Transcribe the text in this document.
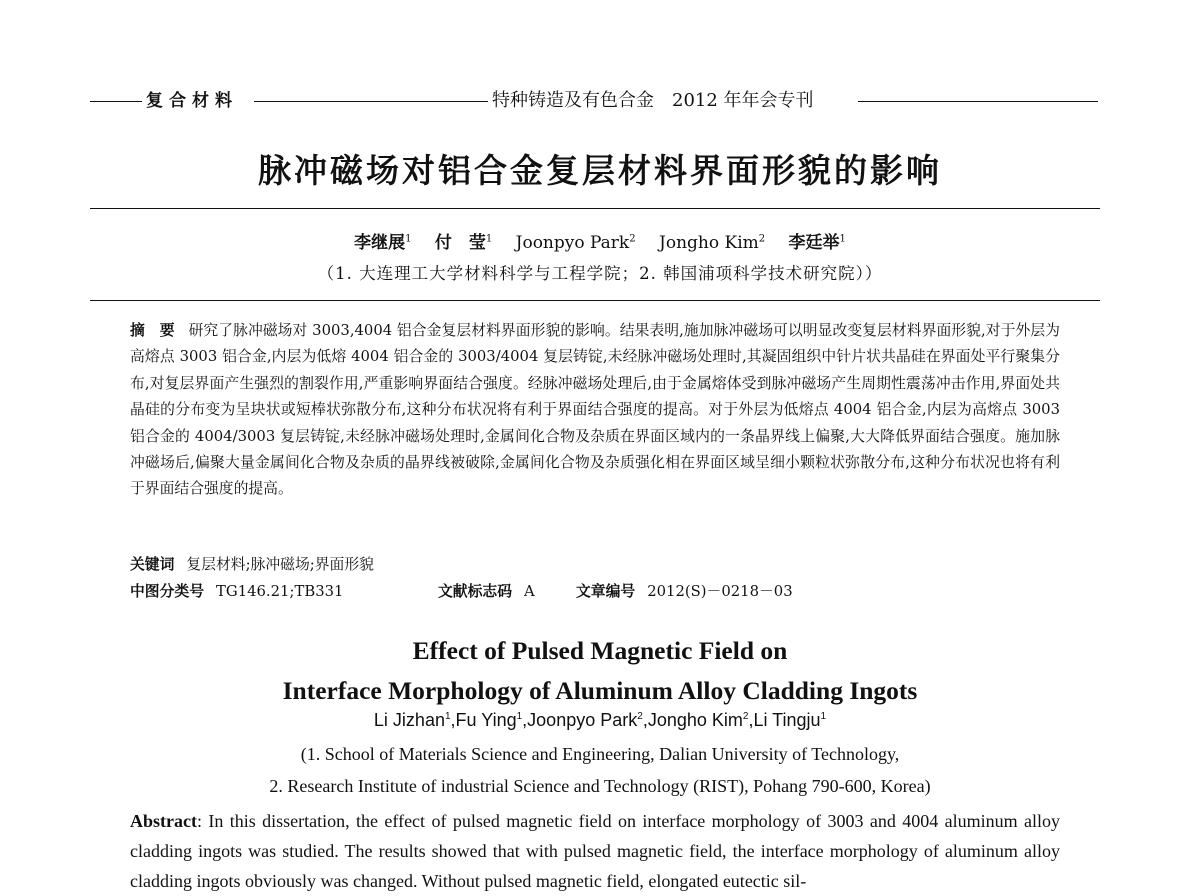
复合材料	特种铸造及有色合金　2012 年年会专刊
脉冲磁场对铝合金复层材料界面形貌的影响
李继展$^1$ 付　莹$^1$ Joonpyo Park$^2$ Jongho Kim$^2$ 李廷举$^1$
（1. 大连理工大学材料科学与工程学院；2. 韩国浦项科学技术研究院））
摘　要 研究了脉冲磁场对 3003,4004 铝合金复层材料界面形貌的影响。结果表明,施加脉冲磁场可以明显改变复层材料界面形貌,对于外层为高熔点 3003 铝合金,内层为低熔 4004 铝合金的 3003/4004 复层铸锭,未经脉冲磁场处理时,其凝固组织中针片状共晶硅在界面处平行聚集分布,对复层界面产生强烈的割裂作用,严重影响界面结合强度。经脉冲磁场处理后,由于金属熔体受到脉冲磁场产生周期性震荡冲击作用,界面处共晶硅的分布变为呈块状或短棒状弥散分布,这种分布状况将有利于界面结合强度的提高。对于外层为低熔点 4004 铝合金,内层为高熔点 3003 铝合金的 4004/3003 复层铸锭,未经脉冲磁场处理时,金属间化合物及杂质在界面区域内的一条晶界线上偏聚,大大降低界面结合强度。施加脉冲磁场后,偏聚大量金属间化合物及杂质的晶界线被破除,金属间化合物及杂质强化相在界面区域呈细小颗粒状弥散分布,这种分布状况也将有利于界面结合强度的提高。
关键词 复层材料;脉冲磁场;界面形貌
中图分类号 TG146.21;TB331	文献标志码 A	文章编号 2012(S)－0218－03
Effect of Pulsed Magnetic Field on
Interface Morphology of Aluminum Alloy Cladding Ingots
Li Jizhan$^1$,Fu Ying$^1$,Joonpyo Park$^2$,Jongho Kim$^2$,Li Tingju$^1$
(1. School of Materials Science and Engineering, Dalian University of Technology,
2. Research Institute of industrial Science and Technology (RIST), Pohang 790-600, Korea)
Abstract: In this dissertation, the effect of pulsed magnetic field on interface morphology of 3003 and 4004 aluminum alloy cladding ingots was studied. The results showed that with pulsed magnetic field, the interface morphology of aluminum alloy cladding ingots obviously was changed. Without pulsed magnetic field, elongated eutectic sil-
